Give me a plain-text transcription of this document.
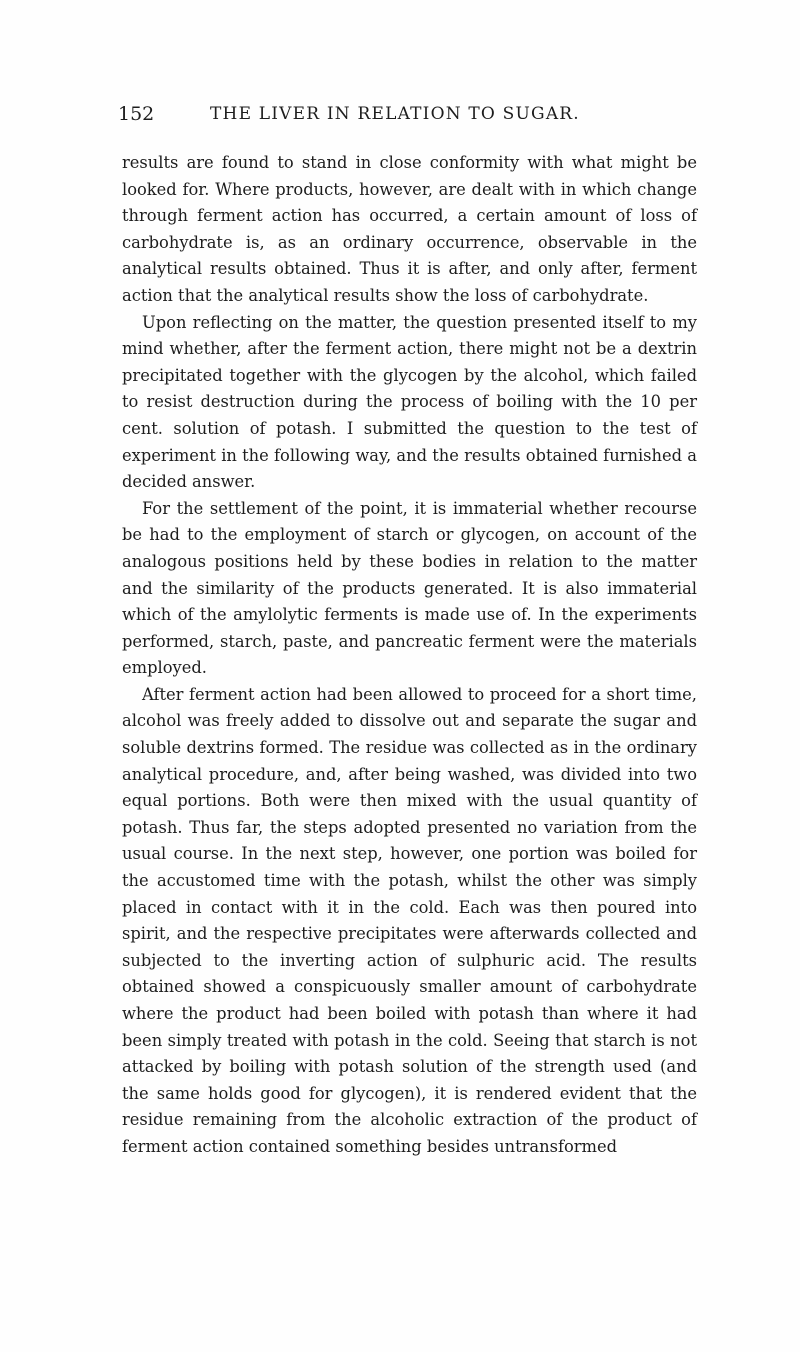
152	THE LIVER IN RELATION TO SUGAR.

results are found to stand in close conformity with what might be looked for. Where products, however, are dealt with in which change through ferment action has occurred, a certain amount of loss of carbohydrate is, as an ordinary occurrence, observable in the analytical results obtained. Thus it is after, and only after, ferment action that the analytical results show the loss of carbohydrate.

Upon reflecting on the matter, the question presented itself to my mind whether, after the ferment action, there might not be a dextrin precipitated together with the glycogen by the alcohol, which failed to resist destruction during the process of boiling with the 10 per cent. solution of potash. I submitted the question to the test of experiment in the following way, and the results obtained furnished a decided answer.

For the settlement of the point, it is immaterial whether recourse be had to the employment of starch or glycogen, on account of the analogous positions held by these bodies in relation to the matter and the similarity of the products generated. It is also immaterial which of the amylolytic ferments is made use of. In the experiments performed, starch, paste, and pancreatic ferment were the materials employed.

After ferment action had been allowed to proceed for a short time, alcohol was freely added to dissolve out and separate the sugar and soluble dextrins formed. The residue was collected as in the ordinary analytical procedure, and, after being washed, was divided into two equal portions. Both were then mixed with the usual quantity of potash. Thus far, the steps adopted presented no variation from the usual course. In the next step, however, one portion was boiled for the accustomed time with the potash, whilst the other was simply placed in contact with it in the cold. Each was then poured into spirit, and the respective precipitates were afterwards collected and subjected to the inverting action of sulphuric acid. The results obtained showed a conspicuously smaller amount of carbohydrate where the product had been boiled with potash than where it had been simply treated with potash in the cold. Seeing that starch is not attacked by boiling with potash solution of the strength used (and the same holds good for glycogen), it is rendered evident that the residue remaining from the alcoholic extraction of the product of ferment action contained something besides untransformed
